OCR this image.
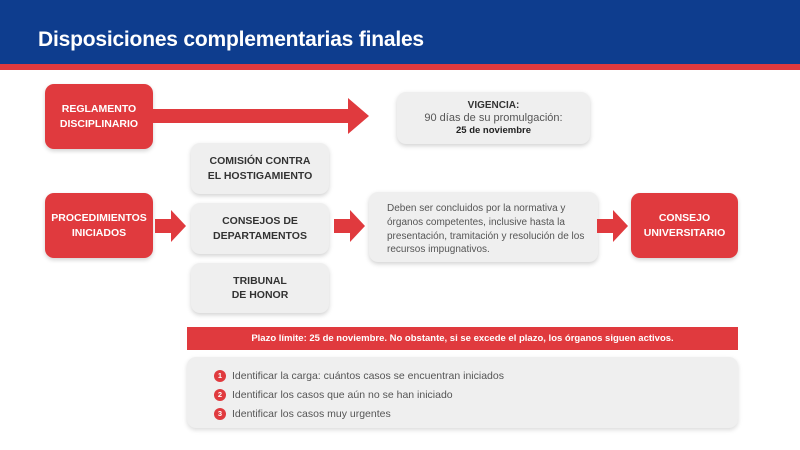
Disposiciones complementarias finales
REGLAMENTO DISCIPLINARIO
VIGENCIA:
90 días de su promulgación:
25 de noviembre
COMISIÓN CONTRA EL HOSTIGAMIENTO
CONSEJOS DE DEPARTAMENTOS
TRIBUNAL DE HONOR
PROCEDIMIENTOS INICIADOS
Deben ser concluidos por la normativa y órganos competentes, inclusive hasta la presentación, tramitación y resolución de los recursos impugnativos.
CONSEJO UNIVERSITARIO
Plazo límite: 25 de noviembre. No obstante, si se excede el plazo, los órganos siguen activos.
1 Identificar la carga: cuántos casos se encuentran iniciados
2 Identificar los casos que aún no se han iniciado
3 Identificar los casos muy urgentes
